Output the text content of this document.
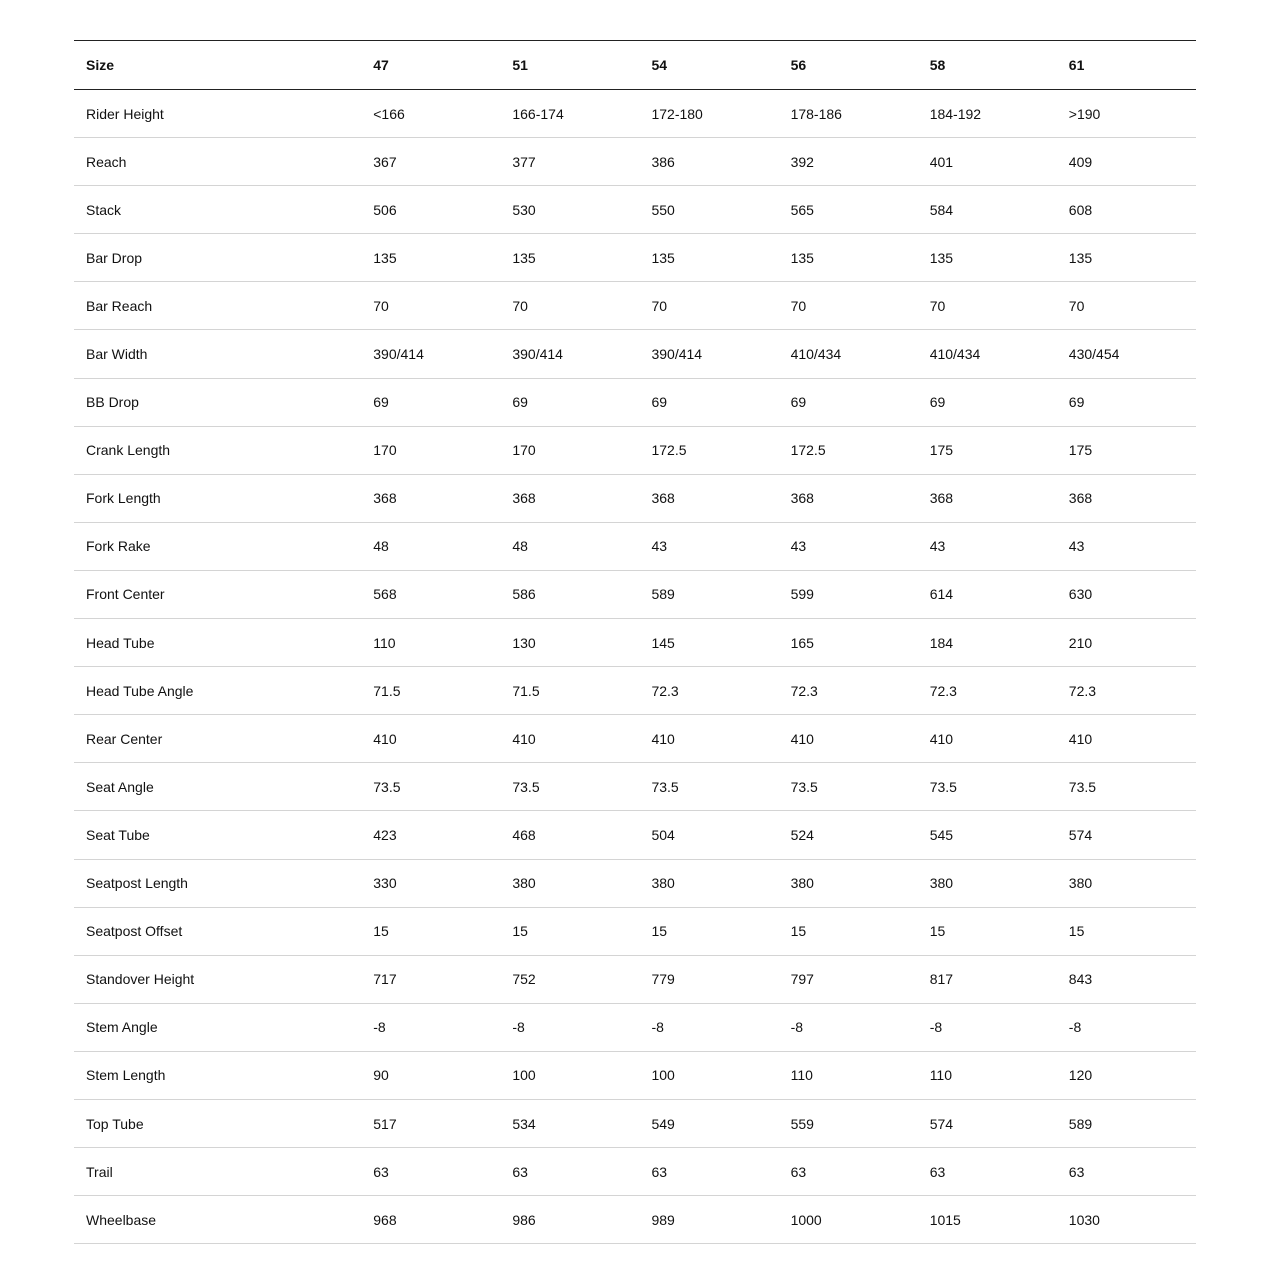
Size	47	51	54	56	58	61
Rider Height	<166	166-174	172-180	178-186	184-192	>190
Reach	367	377	386	392	401	409
Stack	506	530	550	565	584	608
Bar Drop	135	135	135	135	135	135
Bar Reach	70	70	70	70	70	70
Bar Width	390/414	390/414	390/414	410/434	410/434	430/454
BB Drop	69	69	69	69	69	69
Crank Length	170	170	172.5	172.5	175	175
Fork Length	368	368	368	368	368	368
Fork Rake	48	48	43	43	43	43
Front Center	568	586	589	599	614	630
Head Tube	110	130	145	165	184	210
Head Tube Angle	71.5	71.5	72.3	72.3	72.3	72.3
Rear Center	410	410	410	410	410	410
Seat Angle	73.5	73.5	73.5	73.5	73.5	73.5
Seat Tube	423	468	504	524	545	574
Seatpost Length	330	380	380	380	380	380
Seatpost Offset	15	15	15	15	15	15
Standover Height	717	752	779	797	817	843
Stem Angle	-8	-8	-8	-8	-8	-8
Stem Length	90	100	100	110	110	120
Top Tube	517	534	549	559	574	589
Trail	63	63	63	63	63	63
Wheelbase	968	986	989	1000	1015	1030
